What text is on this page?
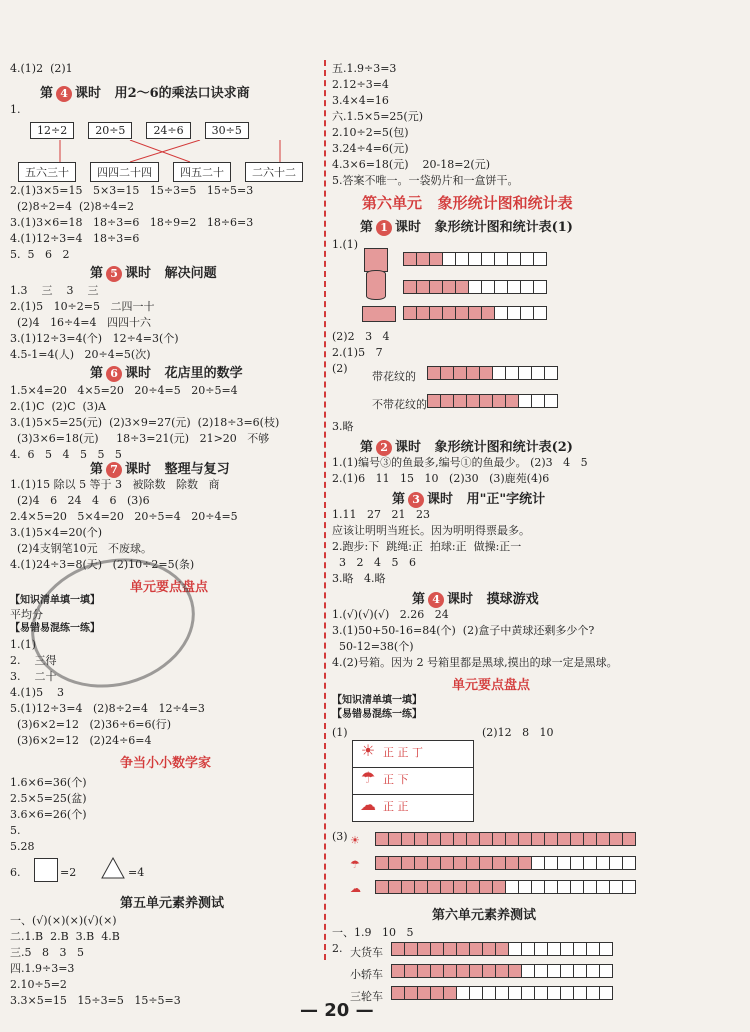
4.(1)2  (2)1
第 4 课时   用2～6的乘法口诀求商
1.
12÷2	20÷5	24÷6	30÷5
五六三十	四四二十四	四五二十	二六十二
2.(1)3×5=15   5×3=15   15÷3=5   15÷5=3
(2)8÷2=4  (2)8÷4=2
3.(1)3×6=18   18÷3=6   18÷9=2   18÷6=3
4.(1)12÷3=4   18÷3=6
5.  5   6   2
第 5 课时   解决问题
1.3    三    3    三
2.(1)5   10÷2=5   二四一十
(2)4   16÷4=4   四四十六
3.(1)12÷3=4(个)   12÷4=3(个)
4.5-1=4(人)   20÷4=5(次)
第 6 课时   花店里的数学
1.5×4=20   4×5=20   20÷4=5   20÷5=4
2.(1)C  (2)C  (3)A
3.(1)5×5=25(元)  (2)3×9=27(元)  (2)18÷3=6(枝)
(3)3×6=18(元)     18÷3=21(元)   21>20   不够
4.  6   5   4   5   5   5
第 7 课时   整理与复习
1.(1)15 除以 5 等于 3   被除数   除数   商
(2)4   6   24   4   6   (3)6
2.4×5=20   5×4=20   20÷5=4   20÷4=5
3.(1)5×4=20(个)
(2)4支钢笔10元   不废球。
4.(1)24÷3=8(天)   (2)10÷2=5(条)
单元要点盘点
【知识清单填一填】
平均分
【易错易混练一练】
1.(1)
2.    三得
3.    二十
4.(1)5    3
5.(1)12÷3=4   (2)8÷2=4   12÷4=3
(3)6×2=12   (2)36÷6=6(行)
(3)6×2=12   (2)24÷6=4
争当小小数学家
1.6×6=36(个)
2.5×5=25(盆)
3.6×6=26(个)
5.
5.28
6.	=2	=4
第五单元素养测试
一、(√)(×)(×)(√)(×)
二.1.B  2.B  3.B  4.B
三.5   8   3   5
四.1.9÷3=3
2.10÷5=2
3.3×5=15   15÷3=5   15÷5=3
五.1.9÷3=3
2.12÷3=4
3.4×4=16
六.1.5×5=25(元)
2.10÷2=5(包)
3.24÷4=6(元)
4.3×6=18(元)    20-18=2(元)
5.答案不唯一。一袋奶片和一盒饼干。
第六单元   象形统计图和统计表
第 1 课时   象形统计图和统计表(1)
1.(1)
(2)2   3   4
2.(1)5   7
(2)
带花纹的
不带花纹的
3.略
第 2 课时   象形统计图和统计表(2)
1.(1)编号③的鱼最多,编号①的鱼最少。 (2)3   4   5
2.(1)6   11   15   10   (2)30   (3)鹿苑(4)6
第 3 课时   用"正"字统计
1.11   27   21   23
应该让明明当班长。因为明明得票最多。
2.跑步:下  跳绳:正  拍球:正  做操:正一
3   2   4   5   6
3.略   4.略
第 4 课时   摸球游戏
1.(√)(√)(√)   2.26   24
3.(1)50+50-16=84(个)  (2)盒子中黄球还剩多少个?
50-12=38(个)
4.(2)号箱。因为 2 号箱里都是黑球,摸出的球一定是黑球。
单元要点盘点
【知识清单填一填】
【易错易混练一练】
(1)	(2)12   8   10
☀ 正 正 丁
☂ 正 下
☁ 正 正
(3) ☀
☂
☁
第六单元素养测试
一、1.9   10   5
2. 大货车
小轿车
三轮车
— 20 —
